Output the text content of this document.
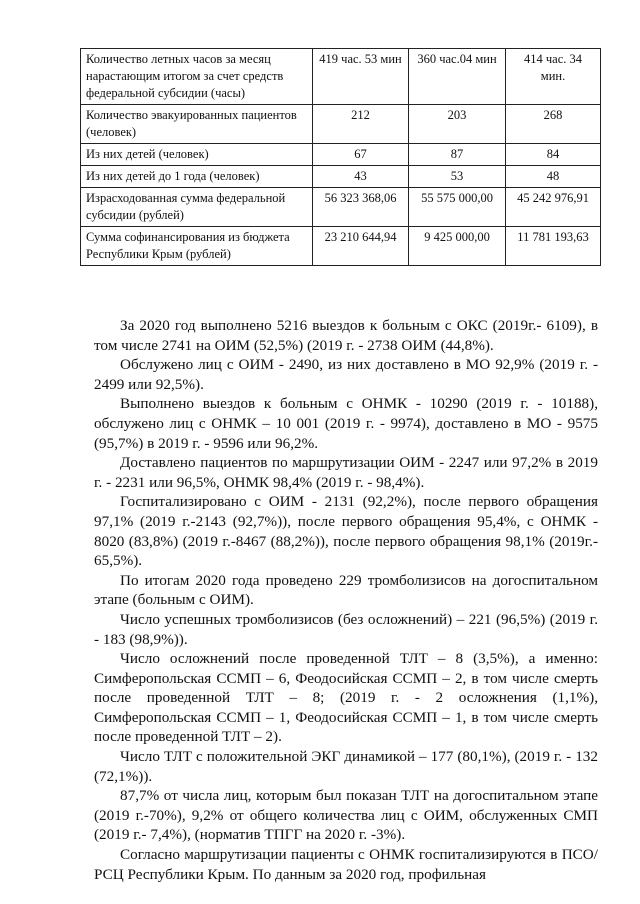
Количество летных часов за месяц нарастающим итогом за счет средств федеральной субсидии (часы)	419 час. 53 мин	360 час.04 мин	414 час. 34 мин.
Количество эвакуированных пациентов (человек)	212	203	268
Из них детей (человек)	67	87	84
Из них детей до 1 года (человек)	43	53	48
Израсходованная сумма федеральной субсидии (рублей)	56 323 368,06	55 575 000,00	45 242 976,91
Сумма софинансирования из бюджета Республики Крым (рублей)	23 210 644,94	9 425 000,00	11 781 193,63

За 2020 год выполнено 5216 выездов к больным с ОКС (2019г.- 6109), в том числе 2741 на ОИМ (52,5%) (2019 г. - 2738 ОИМ (44,8%).

Обслужено лиц с ОИМ - 2490, из них доставлено в МО 92,9% (2019 г. - 2499 или 92,5%).

Выполнено выездов к больным с ОНМК - 10290 (2019 г. - 10188), обслужено лиц с ОНМК – 10 001 (2019 г. - 9974), доставлено в МО - 9575 (95,7%) в 2019 г. - 9596 или 96,2%.

Доставлено пациентов по маршрутизации ОИМ - 2247 или 97,2% в 2019 г. - 2231 или 96,5%, ОНМК 98,4% (2019 г. - 98,4%).

Госпитализировано с ОИМ - 2131 (92,2%), после первого обращения 97,1% (2019 г.-2143 (92,7%)), после первого обращения 95,4%, с ОНМК - 8020 (83,8%) (2019 г.-8467 (88,2%)), после первого обращения 98,1% (2019г.- 65,5%).

По итогам 2020 года проведено 229 тромболизисов на догоспитальном этапе (больным с ОИМ).

Число успешных тромболизисов (без осложнений) – 221 (96,5%) (2019 г. - 183 (98,9%)).

Число осложнений после проведенной ТЛТ – 8 (3,5%), а именно: Симферопольская ССМП – 6, Феодосийская ССМП – 2, в том числе смерть после проведенной ТЛТ – 8; (2019 г. - 2 осложнения (1,1%), Симферопольская ССМП – 1, Феодосийская ССМП – 1, в том числе смерть после проведенной ТЛТ – 2).

Число ТЛТ с положительной ЭКГ динамикой – 177 (80,1%), (2019 г. - 132 (72,1%)).

87,7% от числа лиц, которым был показан ТЛТ на догоспитальном этапе (2019 г.-70%), 9,2% от общего количества лиц с ОИМ, обслуженных СМП (2019 г.- 7,4%), (норматив ТПГГ на 2020 г. -3%).

Согласно маршрутизации пациенты с ОНМК госпитализируются в ПСО/РСЦ Республики Крым. По данным за 2020 год, профильная
